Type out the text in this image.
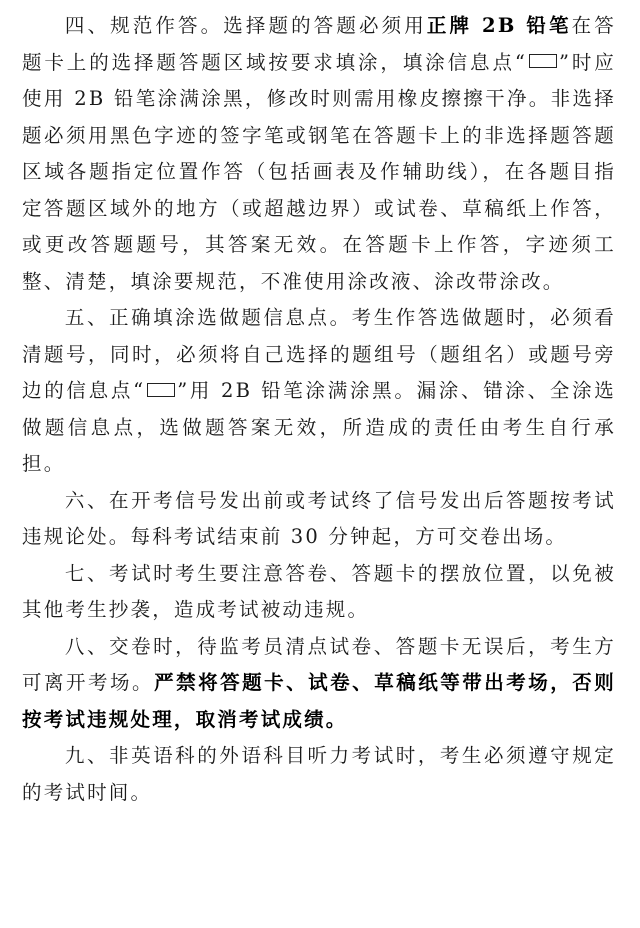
四、规范作答。选择题的答题必须用正牌 2B 铅笔在答题卡上的选择题答题区域按要求填涂，填涂信息点“ ”时应使用 2B 铅笔涂满涂黑，修改时则需用橡皮擦擦干净。非选择题必须用黑色字迹的签字笔或钢笔在答题卡上的非选择题答题区域各题指定位置作答（包括画表及作辅助线），在各题目指定答题区域外的地方（或超越边界）或试卷、草稿纸上作答，或更改答题题号，其答案无效。在答题卡上作答，字迹须工整、清楚，填涂要规范，不准使用涂改液、涂改带涂改。

五、正确填涂选做题信息点。考生作答选做题时，必须看清题号，同时，必须将自己选择的题组号（题组名）或题号旁边的信息点“ ”用 2B 铅笔涂满涂黑。漏涂、错涂、全涂选做题信息点，选做题答案无效，所造成的责任由考生自行承担。

六、在开考信号发出前或考试终了信号发出后答题按考试违规论处。每科考试结束前 30 分钟起，方可交卷出场。

七、考试时考生要注意答卷、答题卡的摆放位置，以免被其他考生抄袭，造成考试被动违规。

八、交卷时，待监考员清点试卷、答题卡无误后，考生方可离开考场。严禁将答题卡、试卷、草稿纸等带出考场，否则按考试违规处理，取消考试成绩。

九、非英语科的外语科目听力考试时，考生必须遵守规定的考试时间。
